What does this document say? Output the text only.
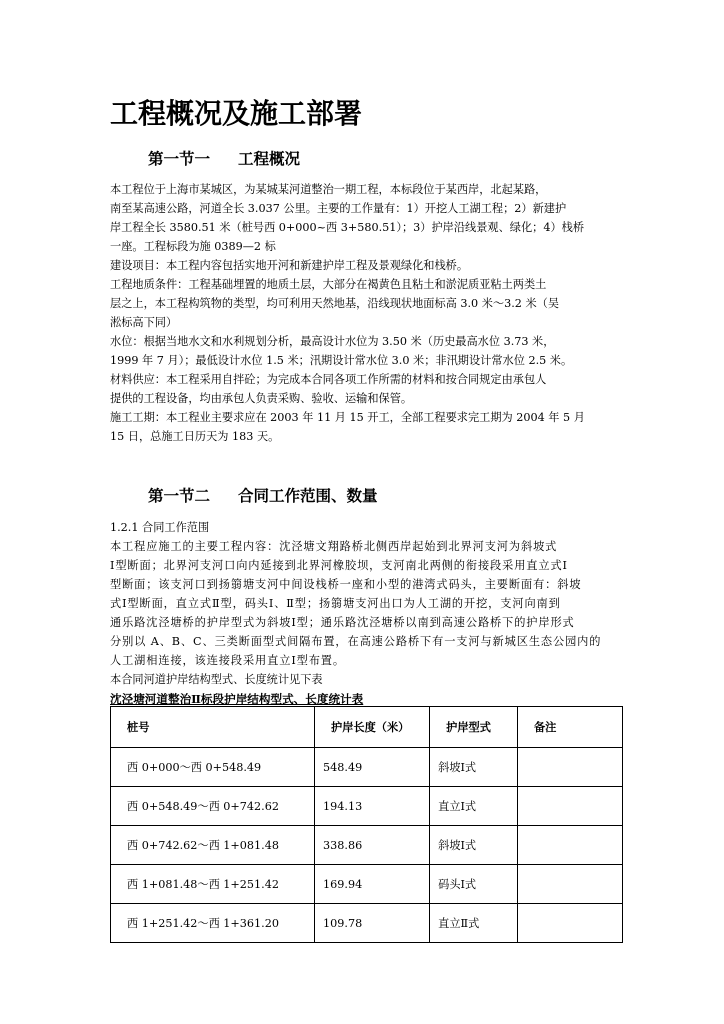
工程概况及施工部署
第一节一 工程概况
本工程位于上海市某城区，为某城某河道整治一期工程，本标段位于某西岸，北起某路，
南至某高速公路，河道全长 3.037 公里。主要的工作量有：1）开挖人工湖工程；2）新建护
岸工程全长 3580.51 米（桩号西 0+000~西 3+580.51）；3）护岸沿线景观、绿化；4）栈桥
一座。工程标段为施 0389—2 标
建设项目：本工程内容包括实地开河和新建护岸工程及景观绿化和栈桥。
工程地质条件：工程基础埋置的地质土层，大部分在褐黄色且粘土和淤泥质亚粘土两类土
层之上，本工程构筑物的类型，均可利用天然地基，沿线现状地面标高 3.0 米～3.2 米（吴
淞标高下同）
水位：根据当地水文和水利规划分析，最高设计水位为 3.50 米（历史最高水位 3.73 米，
1999 年 7 月）；最低设计水位 1.5 米；汛期设计常水位 3.0 米；非汛期设计常水位 2.5 米。
材料供应：本工程采用自拌砼；为完成本合同各项工作所需的材料和按合同规定由承包人
提供的工程设备，均由承包人负责采购、验收、运输和保管。
施工工期：本工程业主要求应在 2003 年 11 月 15 开工，全部工程要求完工期为 2004 年 5 月
15 日，总施工日历天为 183 天。
第一节二 合同工作范围、数量
1.2.1 合同工作范围
本工程应施工的主要工程内容：沈泾塘文翔路桥北侧西岸起始到北界河支河为斜坡式
Ⅰ型断面；北界河支河口向内延接到北界河橡胶坝，支河南北两侧的衔接段采用直立式Ⅰ
型断面；该支河口到扬篛塘支河中间设栈桥一座和小型的港湾式码头，主要断面有：斜坡
式Ⅰ型断面，直立式Ⅱ型，码头Ⅰ、Ⅱ型；扬篛塘支河出口为人工湖的开挖，支河向南到
通乐路沈泾塘桥的护岸型式为斜坡Ⅰ型；通乐路沈泾塘桥以南到高速公路桥下的护岸形式
分别以 A、B、C、三类断面型式间隔布置，在高速公路桥下有一支河与新城区生态公园内的
人工湖相连接，该连接段采用直立Ⅰ型布置。
本合同河道护岸结构型式、长度统计见下表
沈泾塘河道整治Ⅱ标段护岸结构型式、长度统计表
桩号	护岸长度（米）	护岸型式	备注
西 0+000～西 0+548.49	548.49	斜坡Ⅰ式	
西 0+548.49～西 0+742.62	194.13	直立Ⅰ式	
西 0+742.62～西 1+081.48	338.86	斜坡Ⅰ式	
西 1+081.48～西 1+251.42	169.94	码头Ⅰ式	
西 1+251.42～西 1+361.20	109.78	直立Ⅱ式	
